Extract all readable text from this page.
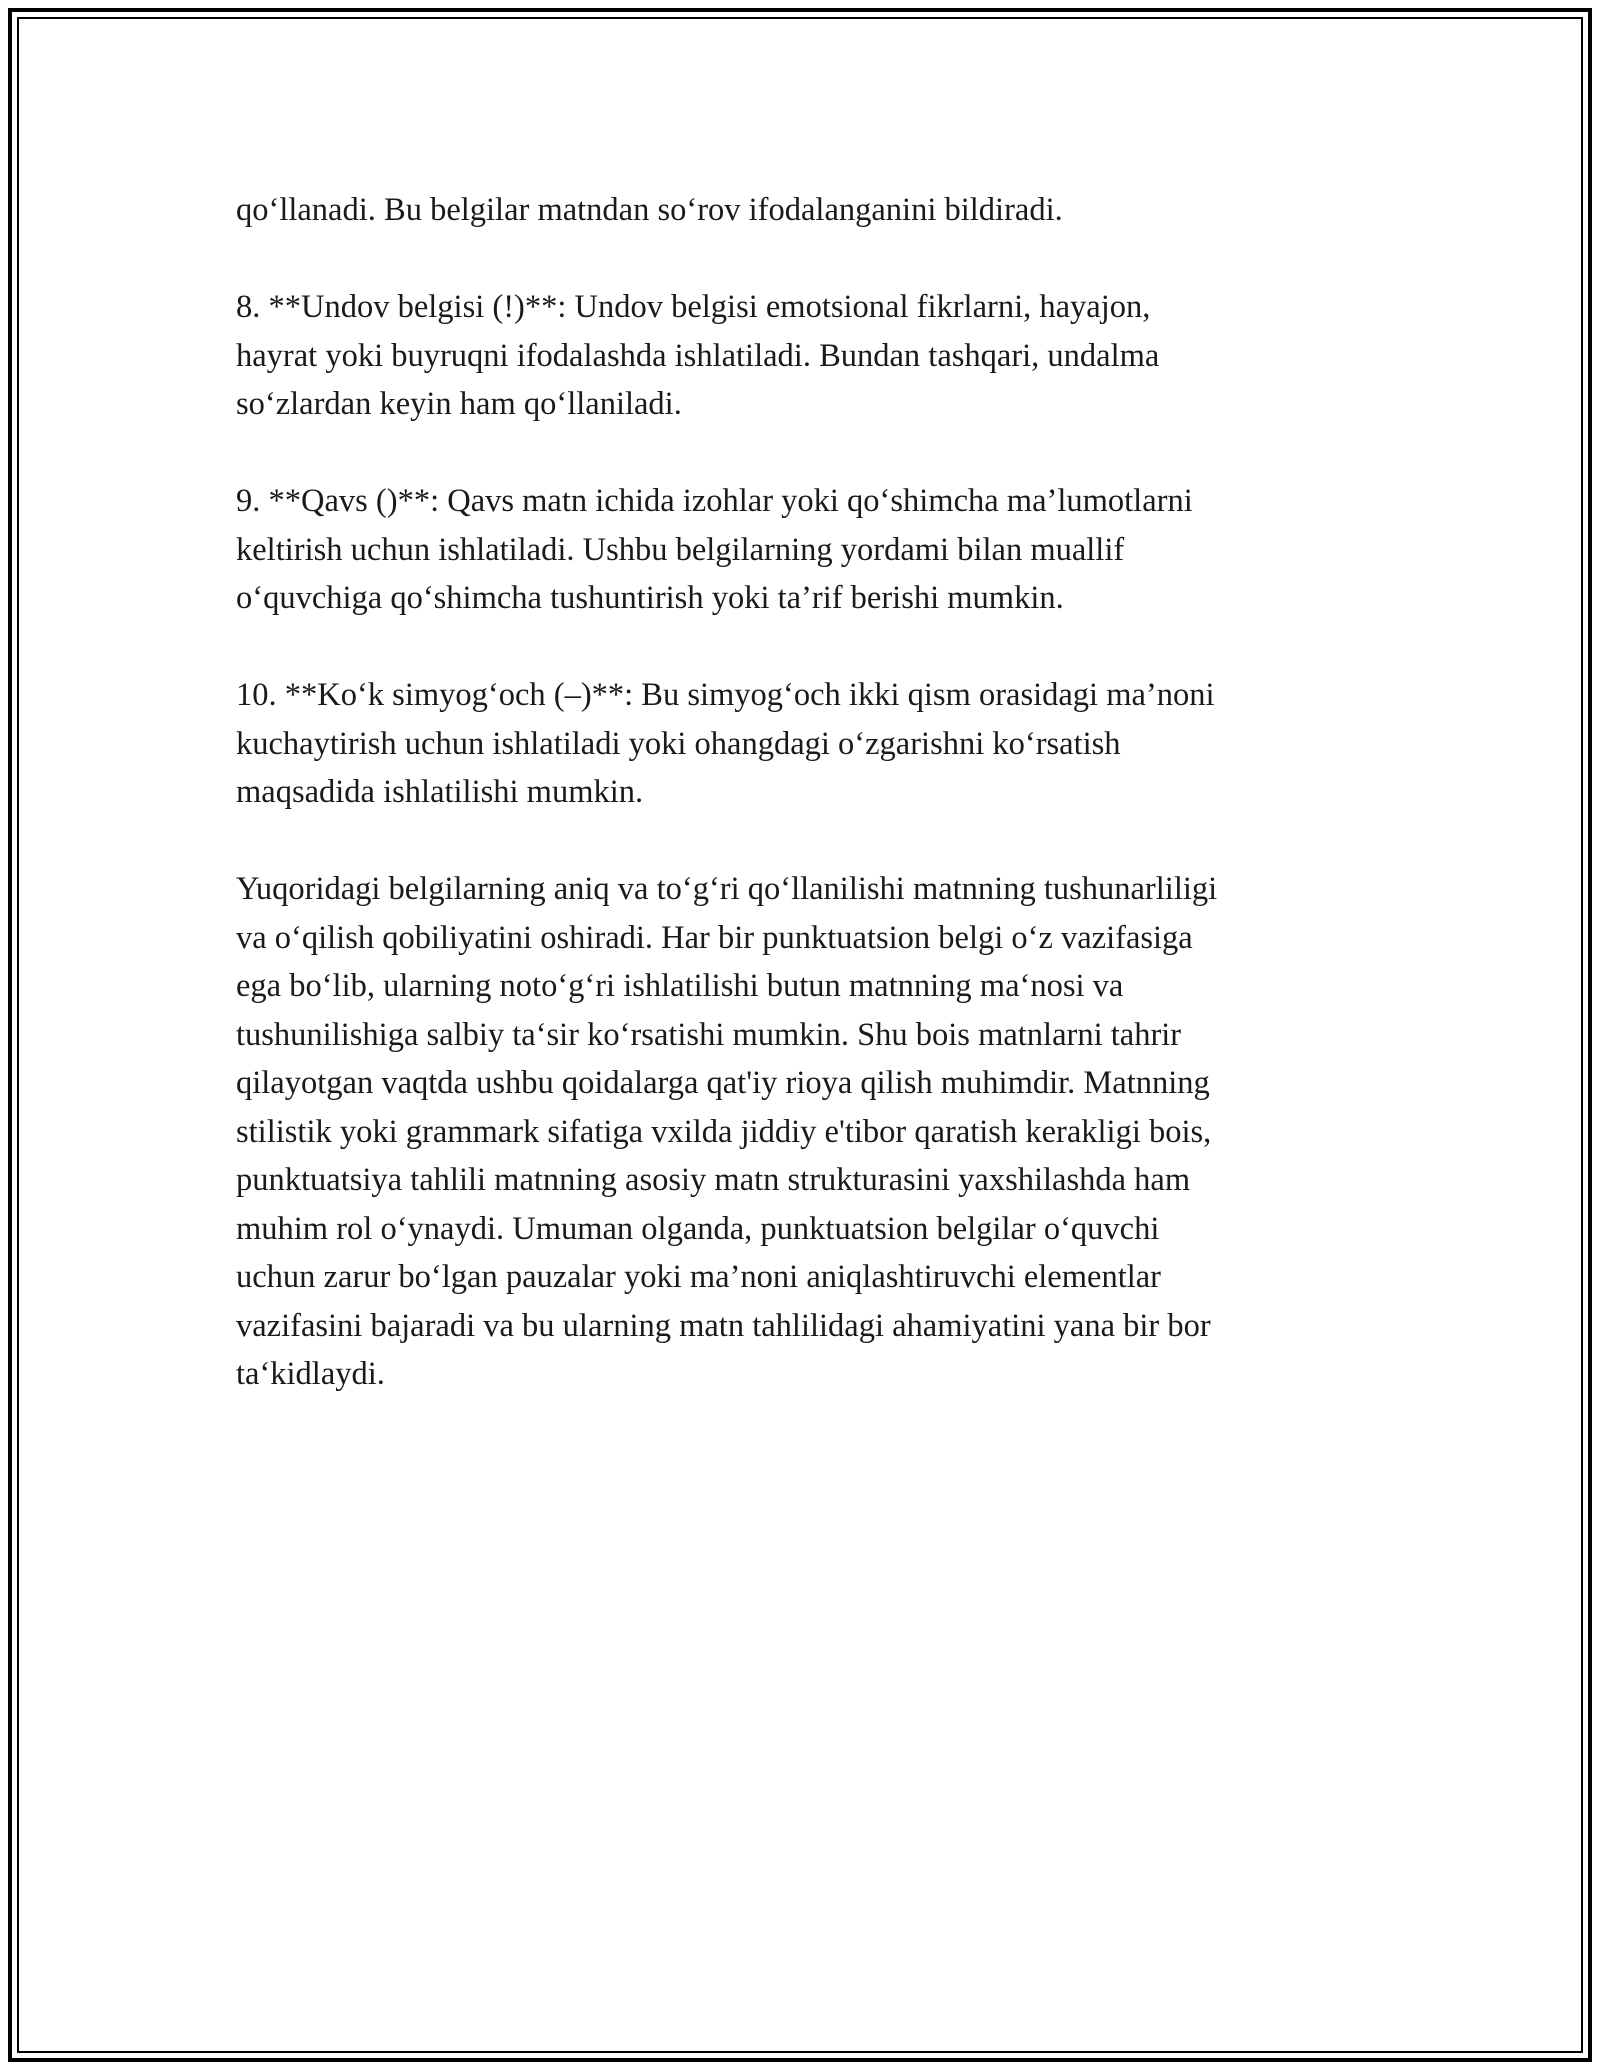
qo‘llanadi. Bu belgilar matndan so‘rov ifodalanganini bildiradi.

8. **Undov belgisi (!)**: Undov belgisi emotsional fikrlarni, hayajon,
hayrat yoki buyruqni ifodalashda ishlatiladi. Bundan tashqari, undalma
so‘zlardan keyin ham qo‘llaniladi.

9. **Qavs ()**: Qavs matn ichida izohlar yoki qo‘shimcha ma’lumotlarni
keltirish uchun ishlatiladi. Ushbu belgilarning yordami bilan muallif
o‘quvchiga qo‘shimcha tushuntirish yoki ta’rif berishi mumkin.

10. **Ko‘k simyog‘och (–)**: Bu simyog‘och ikki qism orasidagi ma’noni
kuchaytirish uchun ishlatiladi yoki ohangdagi o‘zgarishni ko‘rsatish
maqsadida ishlatilishi mumkin.

Yuqoridagi belgilarning aniq va to‘g‘ri qo‘llanilishi matnning tushunarliligi
va o‘qilish qobiliyatini oshiradi. Har bir punktuatsion belgi o‘z vazifasiga
ega bo‘lib, ularning noto‘g‘ri ishlatilishi butun matnning ma‘nosi va
tushunilishiga salbiy ta‘sir ko‘rsatishi mumkin. Shu bois matnlarni tahrir
qilayotgan vaqtda ushbu qoidalarga qat'iy rioya qilish muhimdir. Matnning
stilistik yoki grammark sifatiga vxilda jiddiy e'tibor qaratish kerakligi bois,
punktuatsiya tahlili matnning asosiy matn strukturasini yaxshilashda ham
muhim rol o‘ynaydi. Umuman olganda, punktuatsion belgilar o‘quvchi
uchun zarur bo‘lgan pauzalar yoki ma’noni aniqlashtiruvchi elementlar
vazifasini bajaradi va bu ularning matn tahlilidagi ahamiyatini yana bir bor
ta‘kidlaydi.
